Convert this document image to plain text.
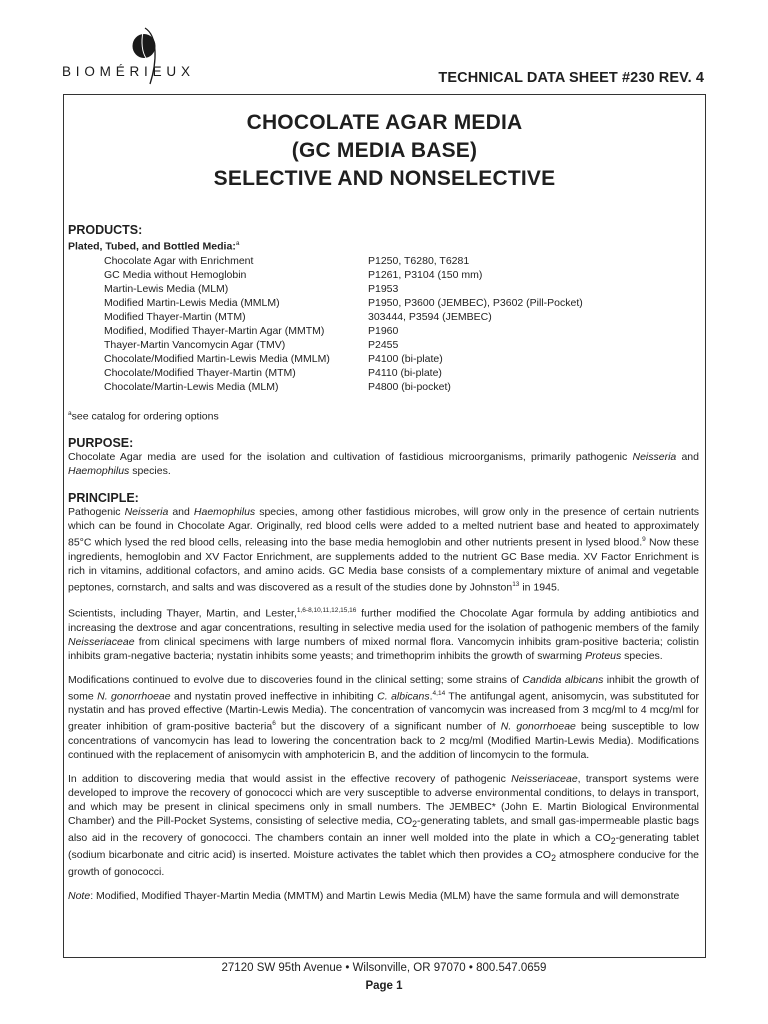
BIOMÉRIEUX	TECHNICAL DATA SHEET #230 REV. 4
CHOCOLATE AGAR MEDIA
(GC MEDIA BASE)
SELECTIVE AND NONSELECTIVE
PRODUCTS:
Plated, Tubed, and Bottled Media:$^a$
Chocolate Agar with Enrichment	P1250, T6280, T6281
GC Media without Hemoglobin	P1261, P3104 (150 mm)
Martin-Lewis Media (MLM)	P1953
Modified Martin-Lewis Media (MMLM)	P1950, P3600 (JEMBEC), P3602 (Pill-Pocket)
Modified Thayer-Martin (MTM)	303444, P3594 (JEMBEC)
Modified, Modified Thayer-Martin Agar (MMTM)	P1960
Thayer-Martin Vancomycin Agar (TMV)	P2455
Chocolate/Modified Martin-Lewis Media (MMLM)	P4100 (bi-plate)
Chocolate/Modified Thayer-Martin (MTM)	P4110 (bi-plate)
Chocolate/Martin-Lewis Media (MLM)	P4800 (bi-pocket)
$^a$see catalog for ordering options
PURPOSE:

Chocolate Agar media are used for the isolation and cultivation of fastidious microorganisms, primarily pathogenic Neisseria and Haemophilus species.

PRINCIPLE:

Pathogenic Neisseria and Haemophilus species, among other fastidious microbes, will grow only in the presence of certain nutrients which can be found in Chocolate Agar. Originally, red blood cells were added to a melted nutrient base and heated to approximately 85°C which lysed the red blood cells, releasing into the base media hemoglobin and other nutrients present in lysed blood.$^9$ Now these ingredients, hemoglobin and XV Factor Enrichment, are supplements added to the nutrient GC Base media. XV Factor Enrichment is rich in vitamins, additional cofactors, and amino acids. GC Media base consists of a complementary mixture of animal and vegetable peptones, cornstarch, and salts and was discovered as a result of the studies done by Johnston$^{13}$ in 1945.

Scientists, including Thayer, Martin, and Lester,$^{1,6-8,10,11,12,15,16}$ further modified the Chocolate Agar formula by adding antibiotics and increasing the dextrose and agar concentrations, resulting in selective media used for the isolation of pathogenic members of the family Neisseriaceae from clinical specimens with large numbers of mixed normal flora. Vancomycin inhibits gram-positive bacteria; colistin inhibits gram-negative bacteria; nystatin inhibits some yeasts; and trimethoprim inhibits the growth of swarming Proteus species.

Modifications continued to evolve due to discoveries found in the clinical setting; some strains of Candida albicans inhibit the growth of some N. gonorrhoeae and nystatin proved ineffective in inhibiting C. albicans.$^{4,14}$ The antifungal agent, anisomycin, was substituted for nystatin and has proved effective (Martin-Lewis Media). The concentration of vancomycin was increased from 3 mcg/ml to 4 mcg/ml for greater inhibition of gram-positive bacteria$^6$ but the discovery of a significant number of N. gonorrhoeae being susceptible to low concentrations of vancomycin has lead to lowering the concentration back to 2 mcg/ml (Modified Martin-Lewis Media). Modifications continued with the replacement of anisomycin with amphotericin B, and the addition of lincomycin to the formula.

In addition to discovering media that would assist in the effective recovery of pathogenic Neisseriaceae, transport systems were developed to improve the recovery of gonococci which are very susceptible to adverse environmental conditions, to delays in transport, and which may be present in clinical specimens only in small numbers. The JEMBEC* (John E. Martin Biological Environmental Chamber) and the Pill-Pocket Systems, consisting of selective media, $CO_2$-generating tablets, and small gas-impermeable plastic bags also aid in the recovery of gonococci. The chambers contain an inner well molded into the plate in which a $CO_2$-generating tablet (sodium bicarbonate and citric acid) is inserted. Moisture activates the tablet which then provides a $CO_2$ atmosphere conducive for the growth of gonococci.

Note: Modified, Modified Thayer-Martin Media (MMTM) and Martin Lewis Media (MLM) have the same formula and will demonstrate

27120 SW 95th Avenue • Wilsonville, OR 97070 • 800.547.0659
Page 1
